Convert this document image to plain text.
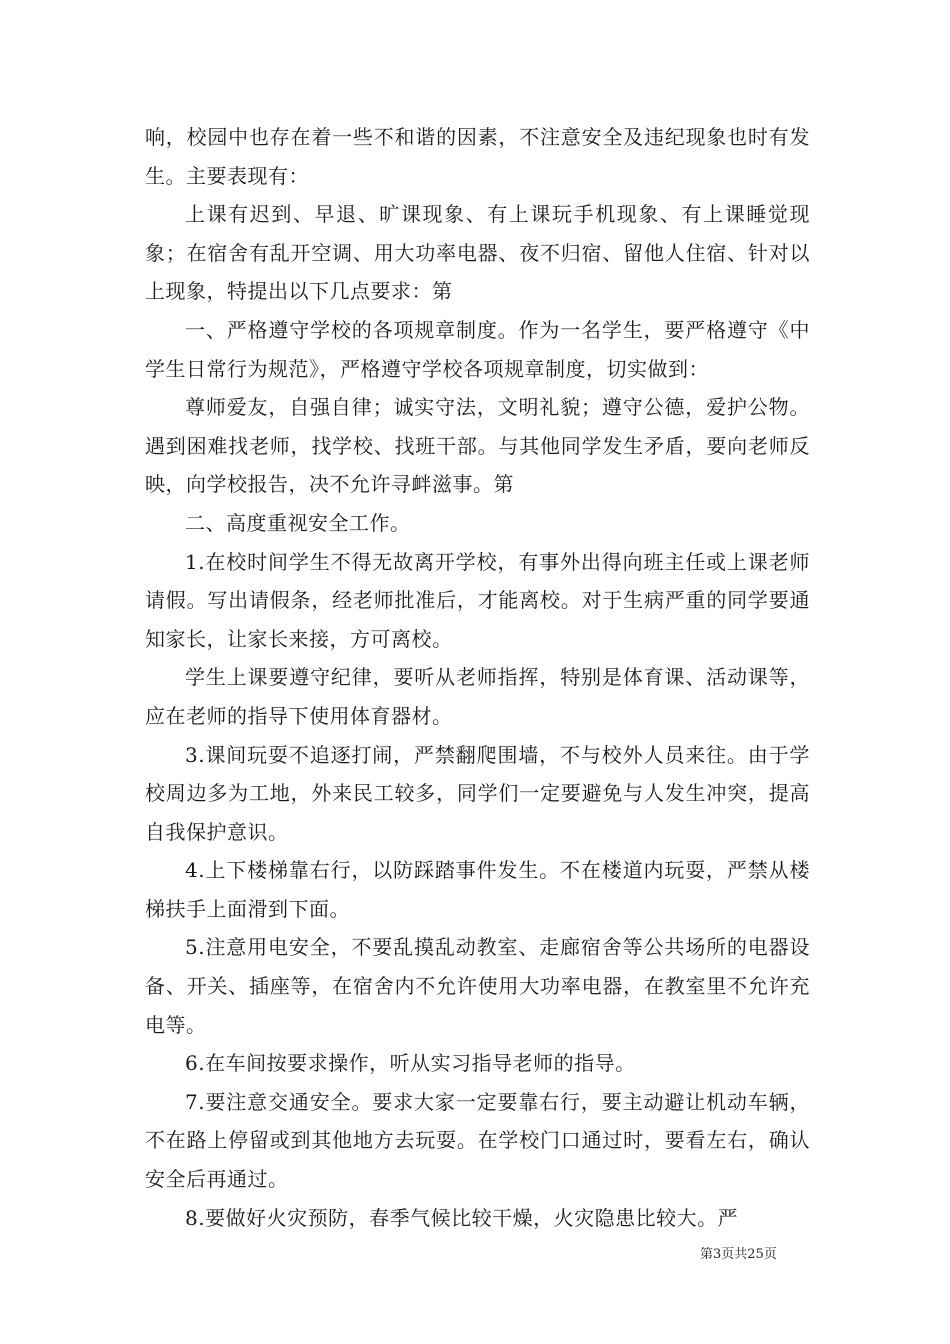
响，校园中也存在着一些不和谐的因素，不注意安全及违纪现象也时有发生。主要表现有：

上课有迟到、早退、旷课现象、有上课玩手机现象、有上课睡觉现象；在宿舍有乱开空调、用大功率电器、夜不归宿、留他人住宿、针对以上现象，特提出以下几点要求：第

一、严格遵守学校的各项规章制度。作为一名学生，要严格遵守《中学生日常行为规范》，严格遵守学校各项规章制度，切实做到：

尊师爱友，自强自律；诚实守法，文明礼貌；遵守公德，爱护公物。遇到困难找老师，找学校、找班干部。与其他同学发生矛盾，要向老师反映，向学校报告，决不允许寻衅滋事。第

二、高度重视安全工作。

1.在校时间学生不得无故离开学校，有事外出得向班主任或上课老师请假。写出请假条，经老师批准后，才能离校。对于生病严重的同学要通知家长，让家长来接，方可离校。

学生上课要遵守纪律，要听从老师指挥，特别是体育课、活动课等，应在老师的指导下使用体育器材。

3.课间玩耍不追逐打闹，严禁翻爬围墙，不与校外人员来往。由于学校周边多为工地，外来民工较多，同学们一定要避免与人发生冲突，提高自我保护意识。

4.上下楼梯靠右行，以防踩踏事件发生。不在楼道内玩耍，严禁从楼梯扶手上面滑到下面。

5.注意用电安全，不要乱摸乱动教室、走廊宿舍等公共场所的电器设备、开关、插座等，在宿舍内不允许使用大功率电器，在教室里不允许充电等。

6.在车间按要求操作，听从实习指导老师的指导。

7.要注意交通安全。要求大家一定要靠右行，要主动避让机动车辆，不在路上停留或到其他地方去玩耍。在学校门口通过时，要看左右，确认安全后再通过。

8.要做好火灾预防，春季气候比较干燥，火灾隐患比较大。严

第3页共25页
